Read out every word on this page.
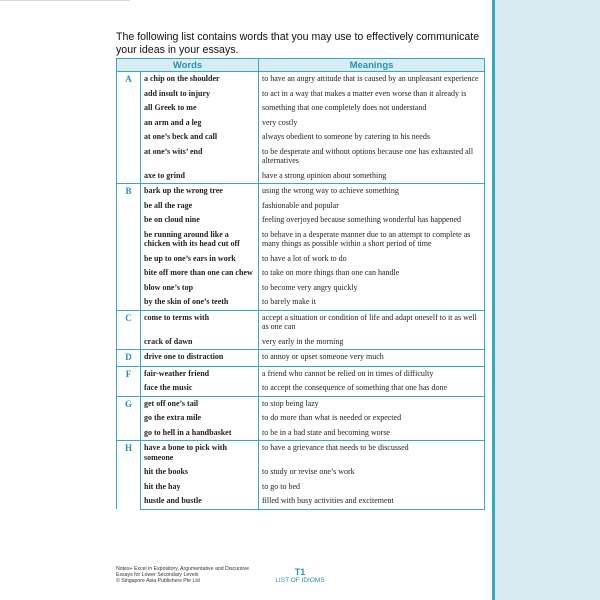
The following list contains words that you may use to effectively communicate your ideas in your essays.
Words		Meanings
A	a chip on the shoulder	to have an angry attitude that is caused by an unpleasant experience
	add insult to injury	to act in a way that makes a matter even worse than it already is
	all Greek to me	something that one completely does not understand
	an arm and a leg	very costly
	at one’s beck and call	always obedient to someone by catering to his needs
	at one’s wits’ end	to be desperate and without options because one has exhausted all alternatives
	axe to grind	have a strong opinion about something
B	bark up the wrong tree	using the wrong way to achieve something
	be all the rage	fashionable and popular
	be on cloud nine	feeling overjoyed because something wonderful has happened
	be running around like a chicken with its head cut off	to behave in a desperate manner due to an attempt to complete as many things as possible within a short period of time
	be up to one’s ears in work	to have a lot of work to do
	bite off more than one can chew	to take on more things than one can handle
	blow one’s top	to become very angry quickly
	by the skin of one’s teeth	to barely make it
C	come to terms with	accept a situation or condition of life and adapt oneself to it as well as one can
	crack of dawn	very early in the morning
D	drive one to distraction	to annoy or upset someone very much
F	fair-weather friend	a friend who cannot be relied on in times of difficulty
	face the music	to accept the consequence of something that one has done
G	get off one’s tail	to stop being lazy
	go the extra mile	to do more than what is needed or expected
	go to hell in a handbasket	to be in a bad state and becoming worse
H	have a bone to pick with someone	to have a grievance that needs to be discussed
	hit the books	to study or revise one’s work
	hit the hay	to go to bed
	hustle and bustle	filled with busy activities and excitement
Notes+ Excel in Expository, Argumentative and Discursive
Essays for Lower Secondary Levels
© Singapore Asia Publishers Pte Ltd
T1
LIST OF IDIOMS
